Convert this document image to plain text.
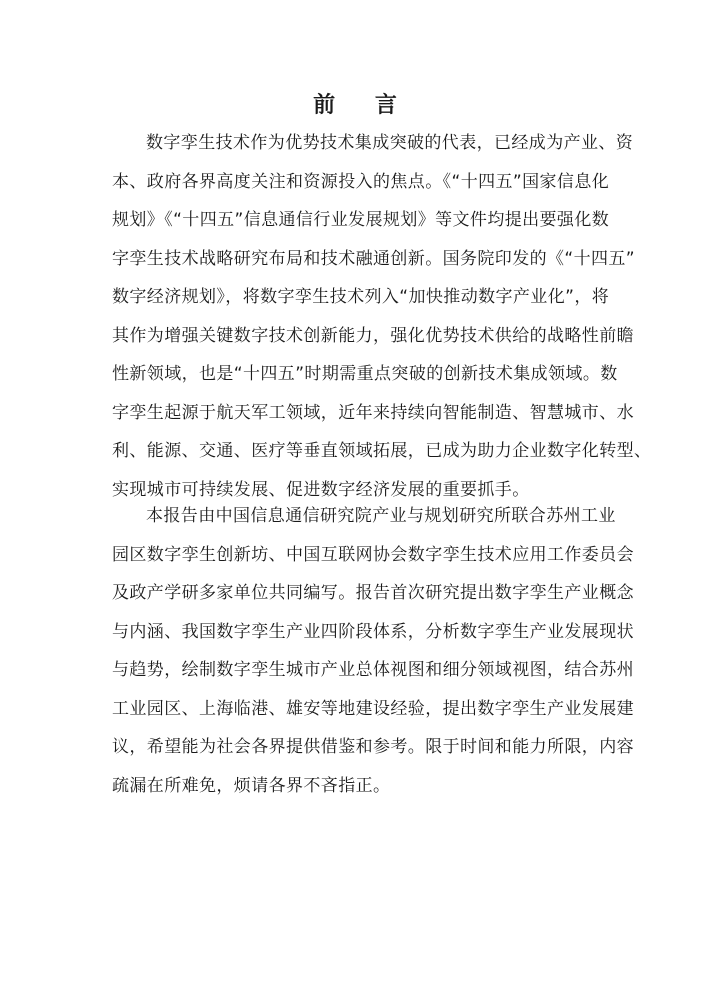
前 言
数字孪生技术作为优势技术集成突破的代表，已经成为产业、资
本、政府各界高度关注和资源投入的焦点。《“十四五”国家信息化
规划》《“十四五”信息通信行业发展规划》等文件均提出要强化数
字孪生技术战略研究布局和技术融通创新。国务院印发的《“十四五”
数字经济规划》，将数字孪生技术列入“加快推动数字产业化”，将
其作为增强关键数字技术创新能力，强化优势技术供给的战略性前瞻
性新领域，也是“十四五”时期需重点突破的创新技术集成领域。数
字孪生起源于航天军工领域，近年来持续向智能制造、智慧城市、水
利、能源、交通、医疗等垂直领域拓展，已成为助力企业数字化转型、
实现城市可持续发展、促进数字经济发展的重要抓手。
本报告由中国信息通信研究院产业与规划研究所联合苏州工业
园区数字孪生创新坊、中国互联网协会数字孪生技术应用工作委员会
及政产学研多家单位共同编写。报告首次研究提出数字孪生产业概念
与内涵、我国数字孪生产业四阶段体系，分析数字孪生产业发展现状
与趋势，绘制数字孪生城市产业总体视图和细分领域视图，结合苏州
工业园区、上海临港、雄安等地建设经验，提出数字孪生产业发展建
议，希望能为社会各界提供借鉴和参考。限于时间和能力所限，内容
疏漏在所难免，烦请各界不吝指正。
